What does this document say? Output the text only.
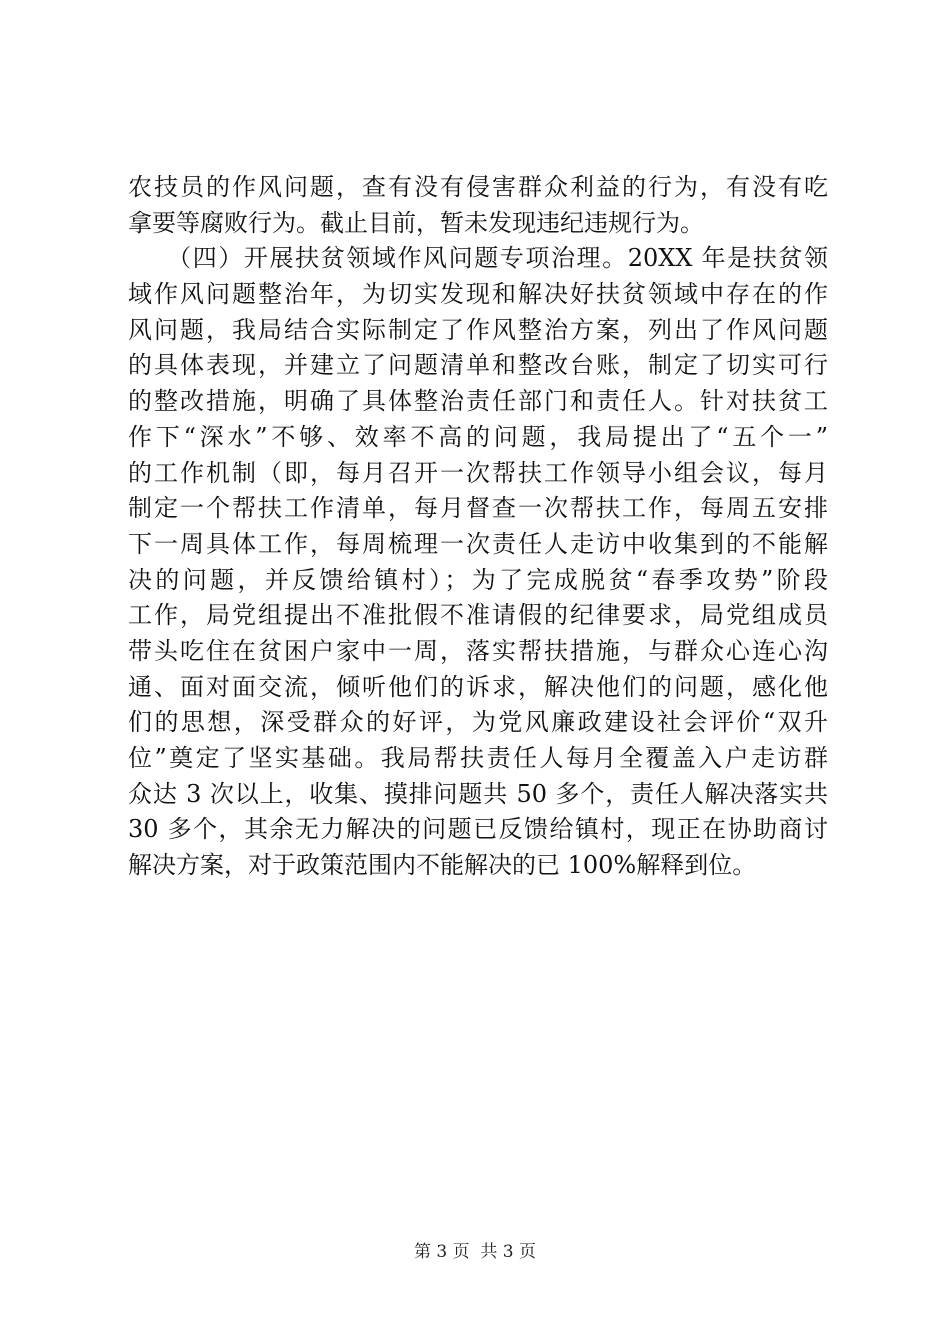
农技员的作风问题，查有没有侵害群众利益的行为，有没有吃
拿要等腐败行为。截止目前，暂未发现违纪违规行为。
　　（四）开展扶贫领域作风问题专项治理。20XX 年是扶贫领
域作风问题整治年，为切实发现和解决好扶贫领域中存在的作
风问题，我局结合实际制定了作风整治方案，列出了作风问题
的具体表现，并建立了问题清单和整改台账，制定了切实可行
的整改措施，明确了具体整治责任部门和责任人。针对扶贫工
作下“深水”不够、效率不高的问题，我局提出了“五个一”
的工作机制（即，每月召开一次帮扶工作领导小组会议，每月
制定一个帮扶工作清单，每月督查一次帮扶工作，每周五安排
下一周具体工作，每周梳理一次责任人走访中收集到的不能解
决的问题，并反馈给镇村）；为了完成脱贫“春季攻势”阶段
工作，局党组提出不准批假不准请假的纪律要求，局党组成员
带头吃住在贫困户家中一周，落实帮扶措施，与群众心连心沟
通、面对面交流，倾听他们的诉求，解决他们的问题，感化他
们的思想，深受群众的好评，为党风廉政建设社会评价“双升
位”奠定了坚实基础。我局帮扶责任人每月全覆盖入户走访群
众达 3 次以上，收集、摸排问题共 50 多个，责任人解决落实共
30 多个，其余无力解决的问题已反馈给镇村，现正在协助商讨
解决方案，对于政策范围内不能解决的已 100%解释到位。
第 3 页  共 3 页
